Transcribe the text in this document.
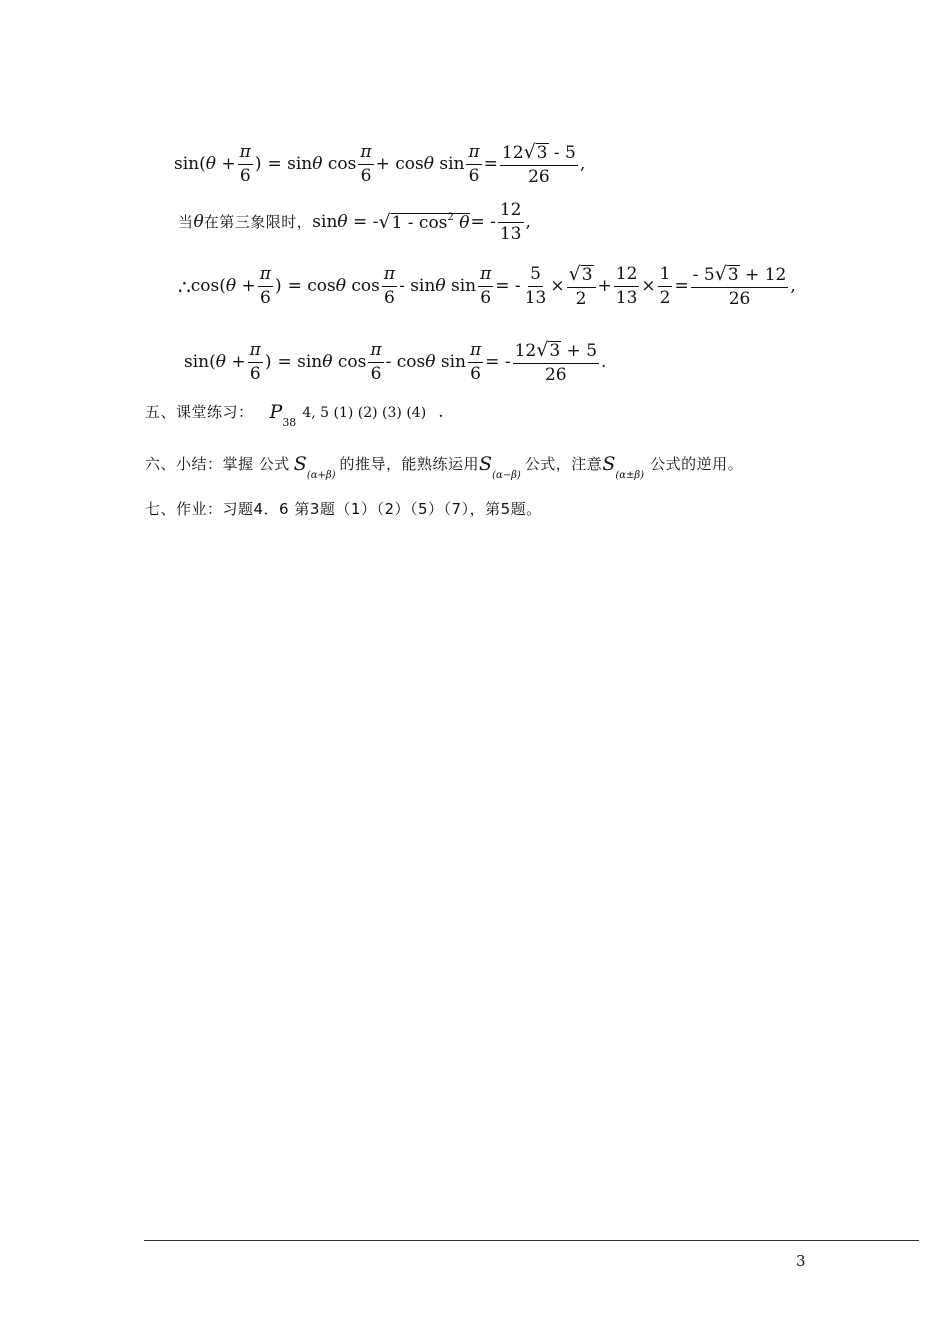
$\sin(\theta + \frac{\pi}{6}$ ) = sinθ $\cos \frac{\pi}{6} + \cos\theta$ $\sin \frac{\pi}{6} = \frac{12 √ 3 - 5}{26}$ ,
当 θ 在第三象限时， sinθ = - √ $1 - \cos^2 \theta$ = - $\frac{12}{13}$ ,
∴ $\cos(\theta + \frac{\pi}{6}$ ) = cosθ $\cos \frac{\pi}{6}$ - sinθ $\sin \frac{\pi}{6}$ = - $\frac{5}{13} \times \frac{√ 3}{2} + \frac{12}{13} \times \frac{1}{2} = \frac{- 5 √ 3 + 12}{26}$ ,
$\sin(\theta + \frac{\pi}{6}$ ) = sinθ $\cos \frac{\pi}{6}$ - cosθ $\sin \frac{\pi}{6}$ = - $\frac{12 √ 3 + 5}{26}$ .
五、课堂练习： $P_{38}$
4, 5 (1) (2) (3) (4) .
六、小结：掌握 公式 $S_{(\alpha+\beta)}$
的推导，能熟练运用 $S_{(\alpha-\beta)}$
公式，注意 $S_{(\alpha\pm\beta)}$
公式的逆用。
七、作业：习题4．6 第3题（1）（2）（5）（7），第5题。
3
